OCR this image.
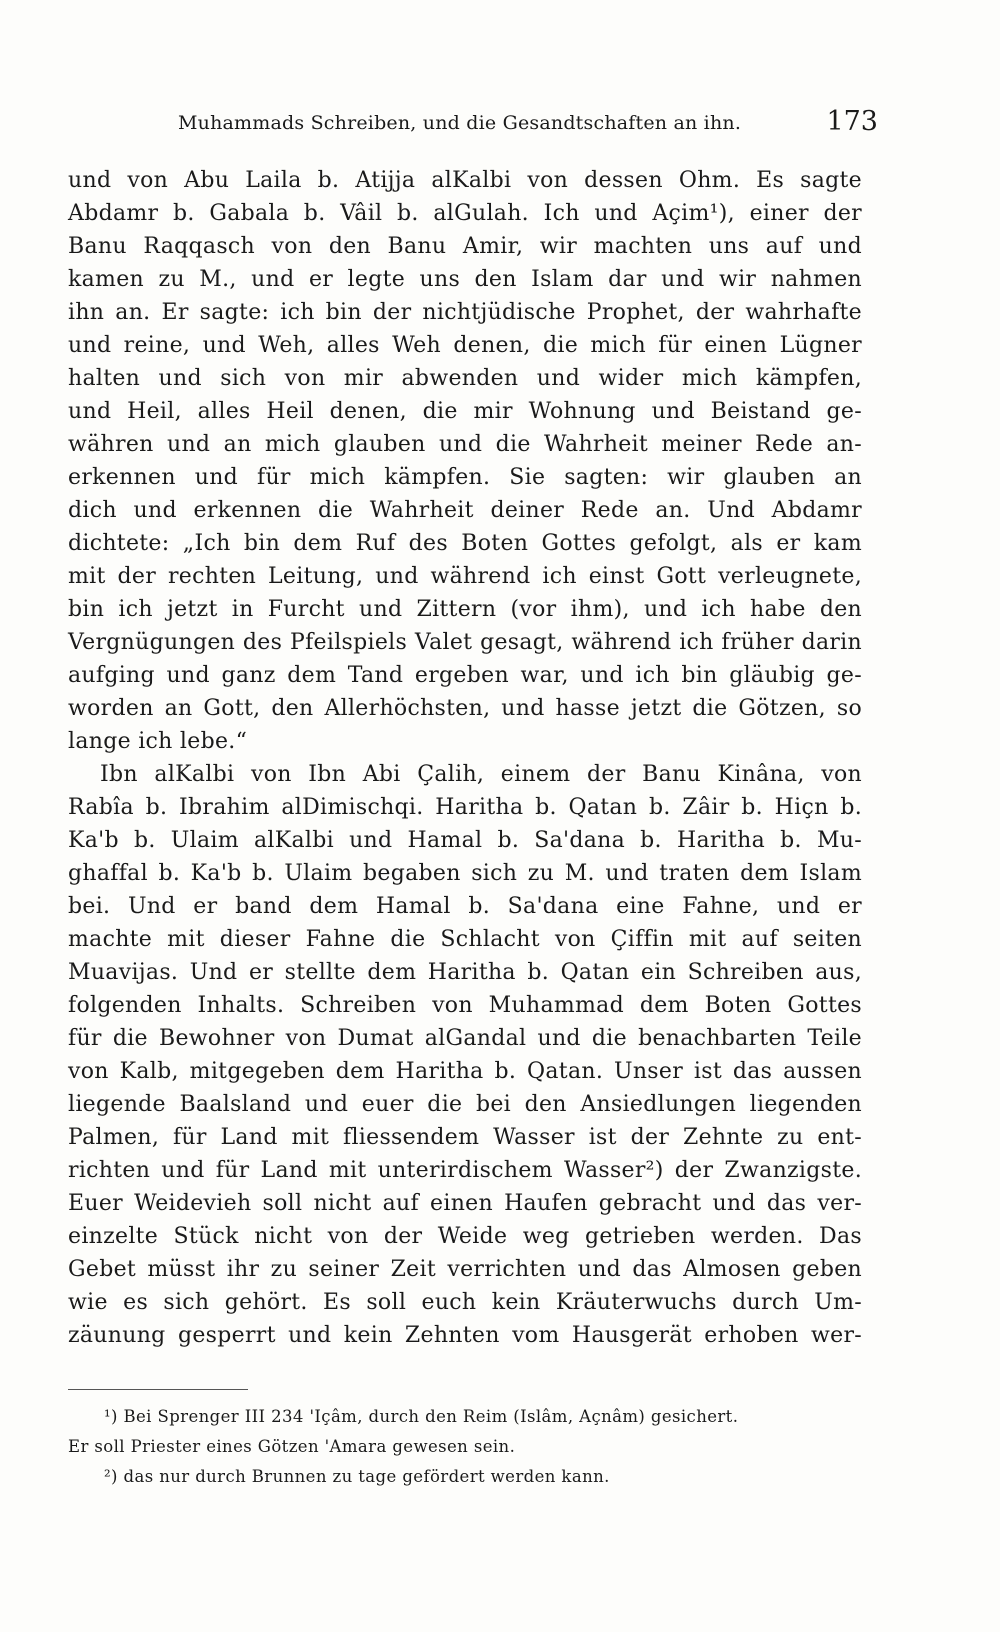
Muhammads Schreiben, und die Gesandtschaften an ihn.	173
und von Abu Laila b. Atijja alKalbi von dessen Ohm. Es sagte
Abdamr b. Gabala b. Vâil b. alGulah. Ich und Açim¹), einer der
Banu Raqqasch von den Banu Amir, wir machten uns auf und
kamen zu M., und er legte uns den Islam dar und wir nahmen
ihn an. Er sagte: ich bin der nichtjüdische Prophet, der wahrhafte
und reine, und Weh, alles Weh denen, die mich für einen Lügner
halten und sich von mir abwenden und wider mich kämpfen,
und Heil, alles Heil denen, die mir Wohnung und Beistand ge-
währen und an mich glauben und die Wahrheit meiner Rede an-
erkennen und für mich kämpfen. Sie sagten: wir glauben an
dich und erkennen die Wahrheit deiner Rede an. Und Abdamr
dichtete: „Ich bin dem Ruf des Boten Gottes gefolgt, als er kam
mit der rechten Leitung, und während ich einst Gott verleugnete,
bin ich jetzt in Furcht und Zittern (vor ihm), und ich habe den
Vergnügungen des Pfeilspiels Valet gesagt, während ich früher darin
aufging und ganz dem Tand ergeben war, und ich bin gläubig ge-
worden an Gott, den Allerhöchsten, und hasse jetzt die Götzen, so
lange ich lebe.“
Ibn alKalbi von Ibn Abi Çalih, einem der Banu Kinâna, von
Rabîa b. Ibrahim alDimischqi. Haritha b. Qatan b. Zâir b. Hiçn b.
Ka'b b. Ulaim alKalbi und Hamal b. Sa'dana b. Haritha b. Mu-
ghaffal b. Ka'b b. Ulaim begaben sich zu M. und traten dem Islam
bei. Und er band dem Hamal b. Sa'dana eine Fahne, und er
machte mit dieser Fahne die Schlacht von Çiffin mit auf seiten
Muavijas. Und er stellte dem Haritha b. Qatan ein Schreiben aus,
folgenden Inhalts. Schreiben von Muhammad dem Boten Gottes
für die Bewohner von Dumat alGandal und die benachbarten Teile
von Kalb, mitgegeben dem Haritha b. Qatan. Unser ist das aussen
liegende Baalsland und euer die bei den Ansiedlungen liegenden
Palmen, für Land mit fliessendem Wasser ist der Zehnte zu ent-
richten und für Land mit unterirdischem Wasser²) der Zwanzigste.
Euer Weidevieh soll nicht auf einen Haufen gebracht und das ver-
einzelte Stück nicht von der Weide weg getrieben werden. Das
Gebet müsst ihr zu seiner Zeit verrichten und das Almosen geben
wie es sich gehört. Es soll euch kein Kräuterwuchs durch Um-
zäunung gesperrt und kein Zehnten vom Hausgerät erhoben wer-
¹) Bei Sprenger III 234 'Içâm, durch den Reim (Islâm, Açnâm) gesichert.
Er soll Priester eines Götzen 'Amara gewesen sein.
²) das nur durch Brunnen zu tage gefördert werden kann.
